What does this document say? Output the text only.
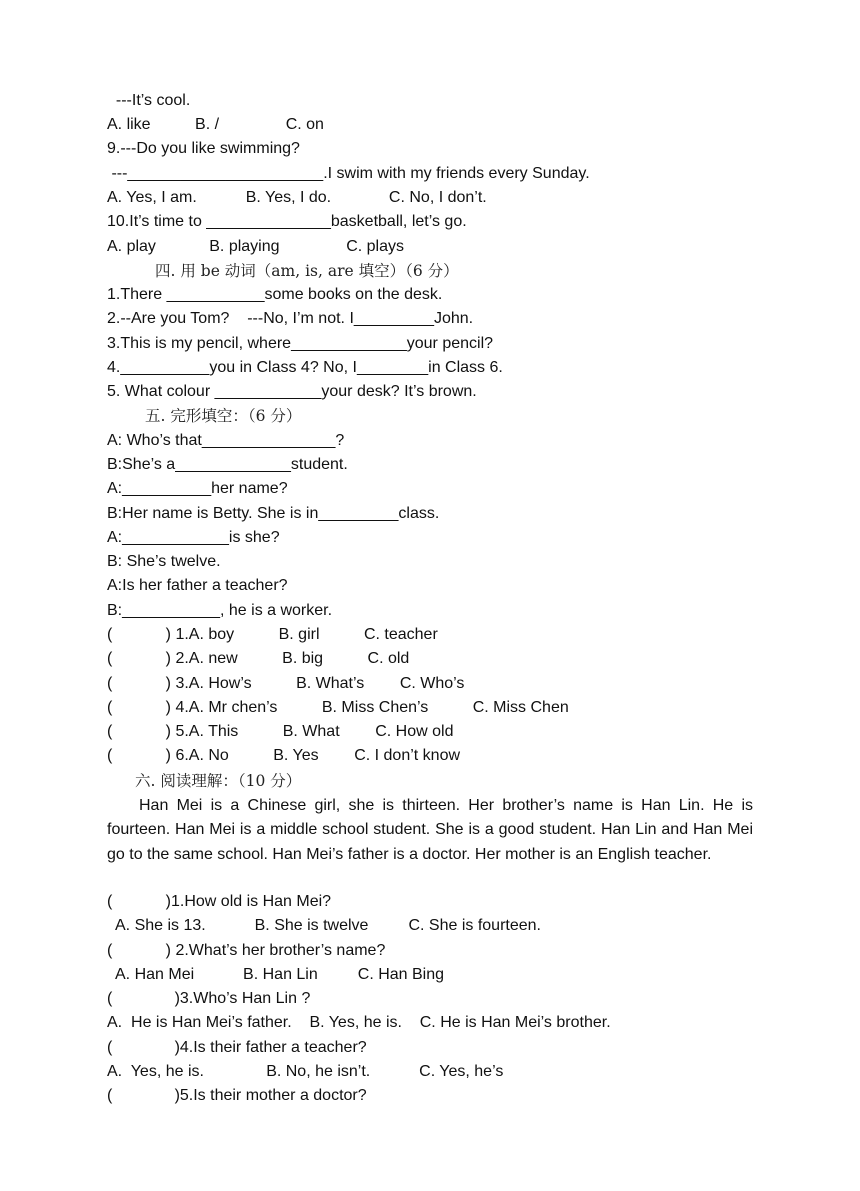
---It’s cool.
A. like          B. /               C. on
9.---Do you like swimming?
---______________________.I swim with my friends every Sunday.
A. Yes, I am.           B. Yes, I do.             C. No, I don’t.
10.It’s time to ______________basketball, let’s go.
A. play            B. playing               C. plays
四. 用 be 动词（am, is, are 填空）（6 分）
1.There ___________some books on the desk.
2.--Are you Tom?    ---No, I’m not. I_________John.
3.This is my pencil, where_____________your pencil?
4.__________you in Class 4? No, I________in Class 6.
5. What colour ____________your desk? It’s brown.
五. 完形填空：（6 分）
A: Who’s that_______________?
B:She’s a_____________student.
A:__________her name?
B:Her name is Betty. She is in_________class.
A:____________is she?
B: She’s twelve.
A:Is her father a teacher?
B:___________, he is a worker.
(            ) 1.A. boy          B. girl          C. teacher
(            ) 2.A. new          B. big          C. old
(            ) 3.A. How’s          B. What’s        C. Who’s
(            ) 4.A. Mr chen’s          B. Miss Chen’s          C. Miss Chen
(            ) 5.A. This          B. What        C. How old
(            ) 6.A. No          B. Yes        C. I don’t know
六. 阅读理解：（10 分）
Han Mei is a Chinese girl, she is thirteen. Her brother’s name is Han Lin. He is fourteen. Han Mei is a middle school student. She is a good student. Han Lin and Han Mei go to the same school. Han Mei’s father is a doctor. Her mother is an English teacher.
(            )1.How old is Han Mei?
A. She is 13.           B. She is twelve         C. She is fourteen.
(            ) 2.What’s her brother’s name?
A. Han Mei           B. Han Lin         C. Han Bing
(              )3.Who’s Han Lin ?
A.  He is Han Mei’s father.    B. Yes, he is.    C. He is Han Mei’s brother.
(              )4.Is their father a teacher?
A.  Yes, he is.              B. No, he isn’t.           C. Yes, he’s
(              )5.Is their mother a doctor?
